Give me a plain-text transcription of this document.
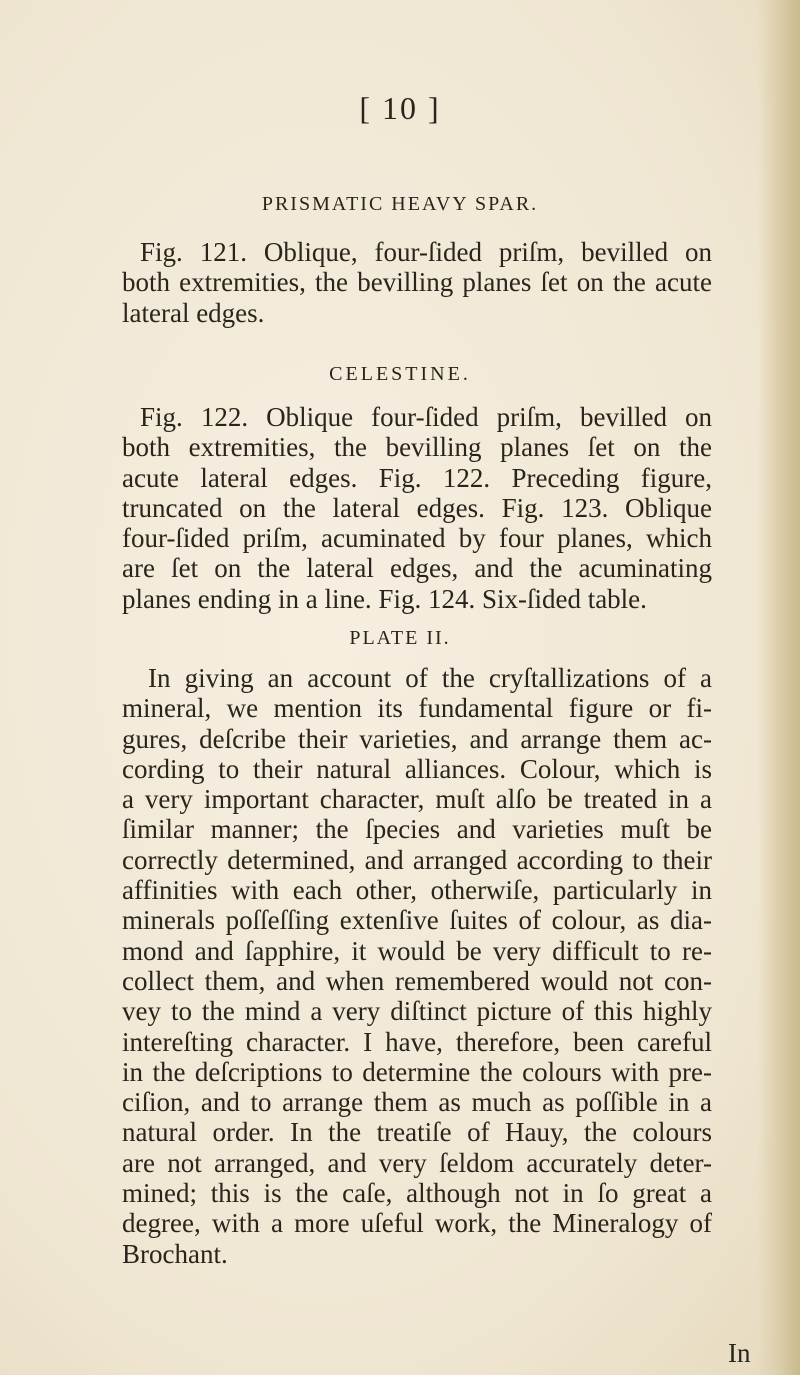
[ 10 ]
PRISMATIC HEAVY SPAR.
Fig. 121. Oblique, four-ſided priſm, bevilled on
both extremities, the bevilling planes ſet on the acute
lateral edges.
CELESTINE.
Fig. 122. Oblique four-ſided priſm, bevilled on
both extremities, the bevilling planes ſet on the
acute lateral edges. Fig. 122. Preceding figure,
truncated on the lateral edges. Fig. 123. Oblique
four-ſided priſm, acuminated by four planes, which
are ſet on the lateral edges, and the acuminating
planes ending in a line. Fig. 124. Six-ſided table.
PLATE II.
In giving an account of the cryſtallizations of a
mineral, we mention its fundamental figure or fi-
gures, deſcribe their varieties, and arrange them ac-
cording to their natural alliances. Colour, which is
a very important character, muſt alſo be treated in a
ſimilar manner; the ſpecies and varieties muſt be
correctly determined, and arranged according to their
affinities with each other, otherwiſe, particularly in
minerals poſſeſſing extenſive ſuites of colour, as dia-
mond and ſapphire, it would be very difficult to re-
collect them, and when remembered would not con-
vey to the mind a very diſtinct picture of this highly
intereſting character. I have, therefore, been careful
in the deſcriptions to determine the colours with pre-
ciſion, and to arrange them as much as poſſible in a
natural order. In the treatiſe of Hauy, the colours
are not arranged, and very ſeldom accurately deter-
mined; this is the caſe, although not in ſo great a
degree, with a more uſeful work, the Mineralogy of
Brochant.
In
